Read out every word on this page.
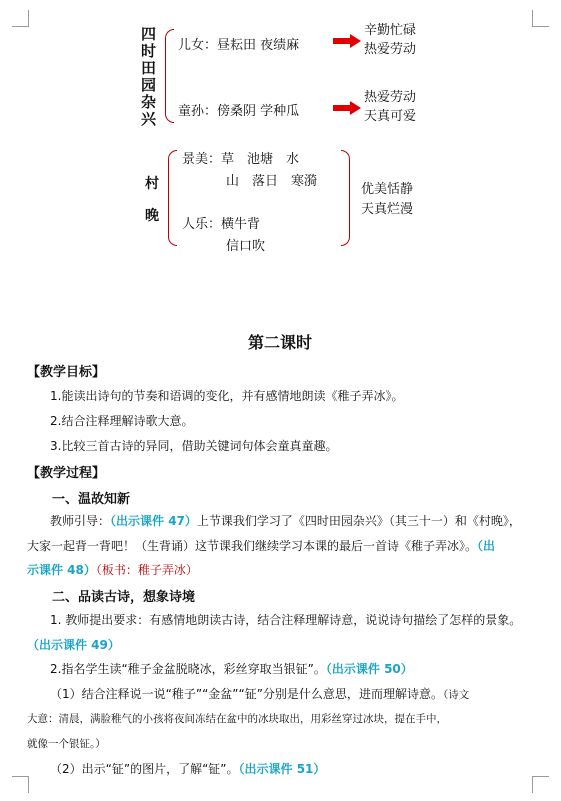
四
时
田
园
杂
兴
儿女：昼耘田 夜绩麻
辛勤忙碌
热爱劳动
童孙：傍桑阴 学种瓜
热爱劳动
天真可爱
村
晚
景美：草　池塘　水
山　落日　寒漪
人乐：横牛背
信口吹
优美恬静
天真烂漫
第二课时
【教学目标】
1.能读出诗句的节奏和语调的变化，并有感情地朗读《稚子弄冰》。
2.结合注释理解诗歌大意。
3.比较三首古诗的异同，借助关键词句体会童真童趣。
【教学过程】
一、温故知新
教师引导：（出示课件 47）上节课我们学习了《四时田园杂兴》（其三十一）和《村晚》，
大家一起背一背吧！（生背诵）这节课我们继续学习本课的最后一首诗《稚子弄冰》。（出
示课件 48）（板书：稚子弄冰）
二、品读古诗，想象诗境
1. 教师提出要求：有感情地朗读古诗，结合注释理解诗意，说说诗句描绘了怎样的景象。
（出示课件 49）
2.指名学生读“稚子金盆脱晓冰，彩丝穿取当银钲”。（出示课件 50）
（1）结合注释说一说“稚子”“金盆”“钲”分别是什么意思，进而理解诗意。（诗文
大意：清晨，满脸稚气的小孩将夜间冻结在盆中的冰块取出，用彩丝穿过冰块，提在手中，
就像一个银钲。）
（2）出示“钲”的图片，了解“钲”。（出示课件 51）
